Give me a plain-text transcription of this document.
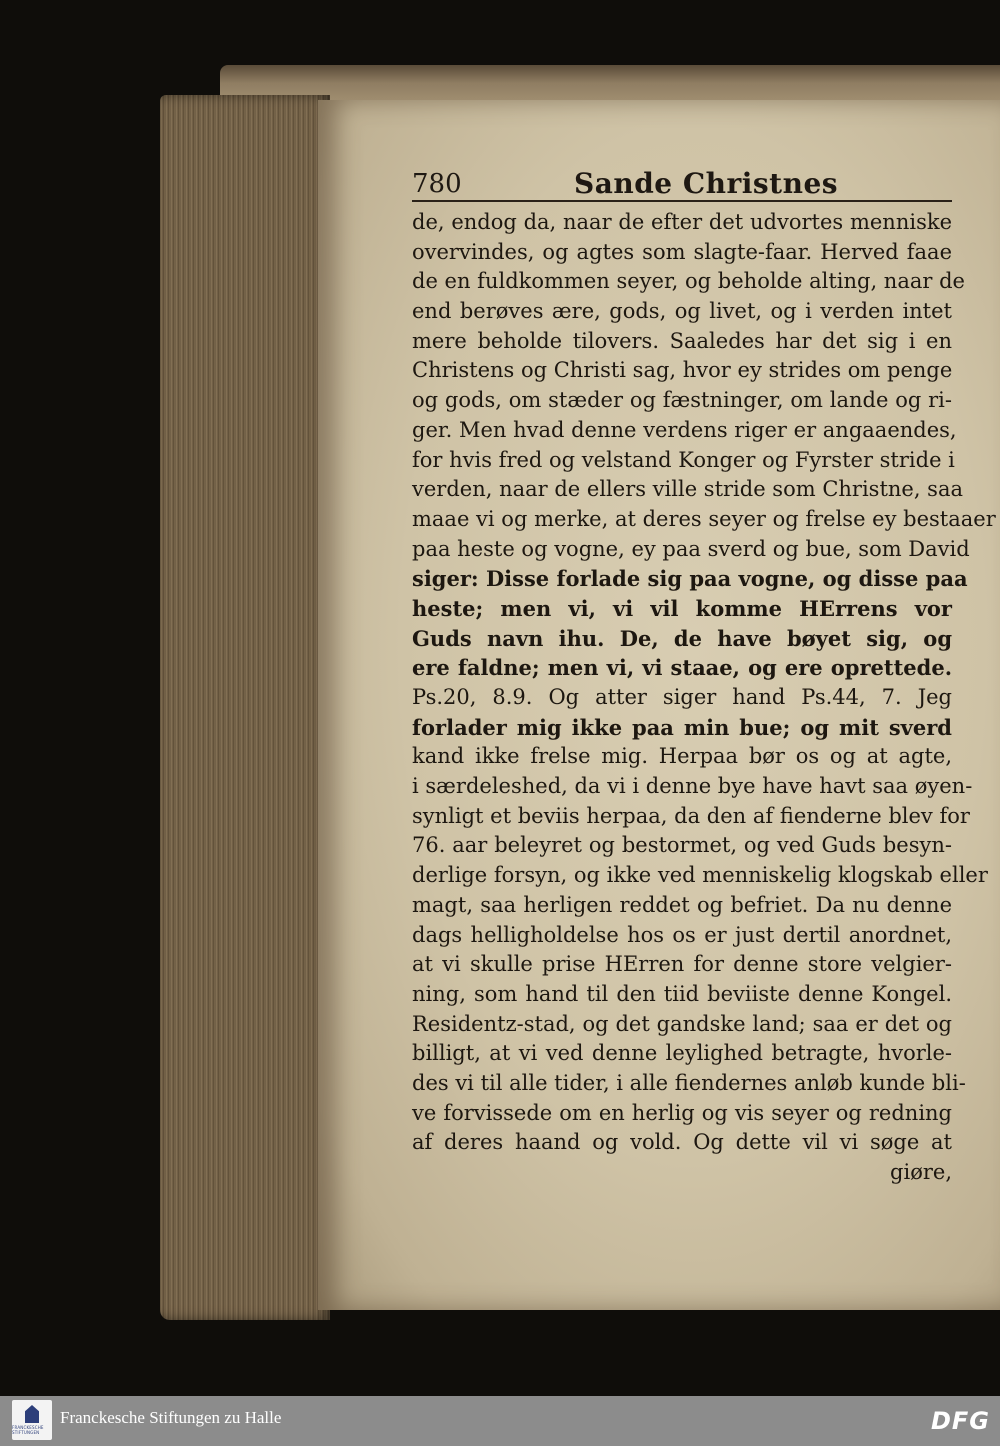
780	Sande Christnes
de, endog da, naar de efter det udvortes menniske
overvindes, og agtes som slagte-faar. Herved faae
de en fuldkommen seyer, og beholde alting, naar de
end berøves ære, gods, og livet, og i verden intet
mere beholde tilovers. Saaledes har det sig i en
Christens og Christi sag, hvor ey strides om penge
og gods, om stæder og fæstninger, om lande og ri-
ger. Men hvad denne verdens riger er angaaendes,
for hvis fred og velstand Konger og Fyrster stride i
verden, naar de ellers ville stride som Christne, saa
maae vi og merke, at deres seyer og frelse ey bestaaer
paa heste og vogne, ey paa sverd og bue, som David
siger: Disse forlade sig paa vogne, og disse paa
heste; men vi, vi vil komme HErrens vor
Guds navn ihu. De, de have bøyet sig, og
ere faldne; men vi, vi staae, og ere oprettede.
Ps.20, 8.9. Og atter siger hand Ps.44, 7. Jeg
forlader mig ikke paa min bue; og mit sverd
kand ikke frelse mig. Herpaa bør os og at agte,
i særdeleshed, da vi i denne bye have havt saa øyen-
synligt et beviis herpaa, da den af fienderne blev for
76. aar beleyret og bestormet, og ved Guds besyn-
derlige forsyn, og ikke ved menniskelig klogskab eller
magt, saa herligen reddet og befriet. Da nu denne
dags helligholdelse hos os er just dertil anordnet,
at vi skulle prise HErren for denne store velgier-
ning, som hand til den tiid beviiste denne Kongel.
Residentz-stad, og det gandske land; saa er det og
billigt, at vi ved denne leylighed betragte, hvorle-
des vi til alle tider, i alle fiendernes anløb kunde bli-
ve forvissede om en herlig og vis seyer og redning
af deres haand og vold. Og dette vil vi søge at
giøre,
FRANCKESCHE STIFTUNGEN
Franckesche Stiftungen zu Halle	DFG
